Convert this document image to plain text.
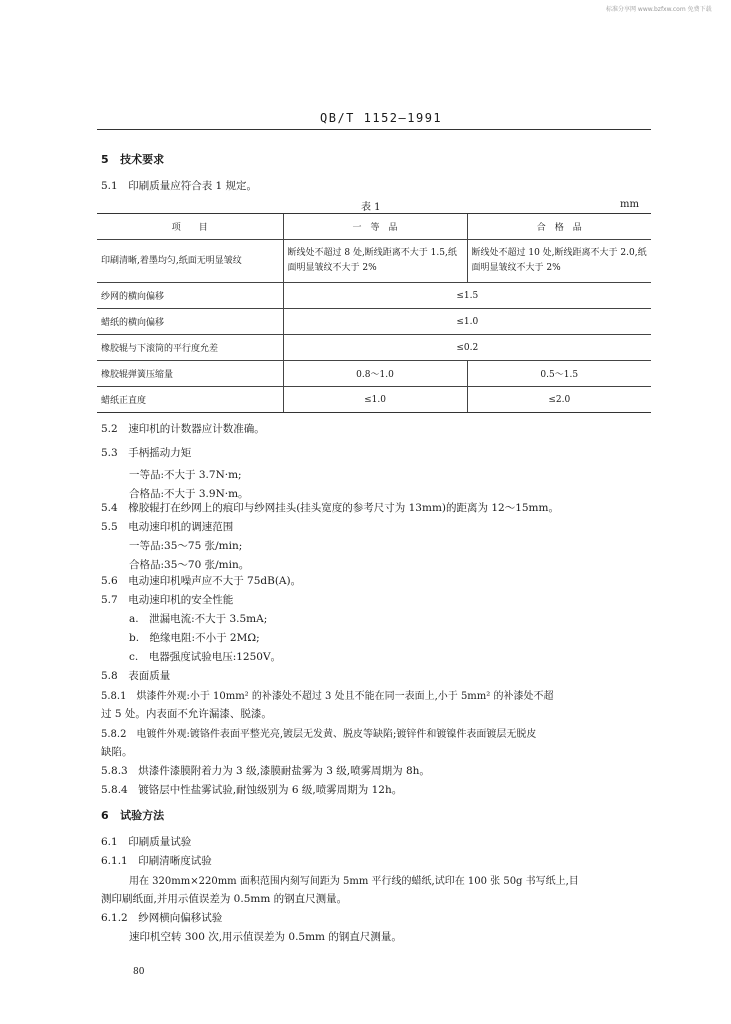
标准分享网 www.bzfxw.com 免费下载
QB/T 1152—1991
5 技术要求
5.1　印刷质量应符合表 1 规定。
表 1	mm
项　　目	一　等　品	合　格　品
印刷清晰,着墨均匀,纸面无明显皱纹	断线处不超过 8 处,断线距离不大于 1.5,纸面明显皱纹不大于 2%	断线处不超过 10 处,断线距离不大于 2.0,纸面明显皱纹不大于 2%
纱网的横向偏移	≤1.5	
蜡纸的横向偏移	≤1.0	
橡胶辊与下滚筒的平行度允差	≤0.2	
橡胶辊弹簧压缩量	0.8～1.0	0.5～1.5
蜡纸正直度	≤1.0	≤2.0
5.2　速印机的计数器应计数准确。
5.3　手柄摇动力矩
一等品:不大于 3.7N·m;
合格品:不大于 3.9N·m。
5.4　橡胶辊打在纱网上的痕印与纱网挂头(挂头宽度的参考尺寸为 13mm)的距离为 12～15mm。
5.5　电动速印机的调速范围
一等品:35～75 张/min;
合格品:35～70 张/min。
5.6　电动速印机噪声应不大于 75dB(A)。
5.7　电动速印机的安全性能
a.　泄漏电流:不大于 3.5mA;
b.　绝缘电阻:不小于 2MΩ;
c.　电器强度试验电压:1250V。
5.8　表面质量
5.8.1　烘漆件外观:小于 10mm² 的补漆处不超过 3 处且不能在同一表面上,小于 5mm² 的补漆处不超
过 5 处。内表面不允许漏漆、脱漆。
5.8.2　电镀件外观:镀铬件表面平整光亮,镀层无发黄、脱皮等缺陷;镀锌件和镀镍件表面镀层无脱皮
缺陷。
5.8.3　烘漆件漆膜附着力为 3 级,漆膜耐盐雾为 3 级,喷雾周期为 8h。
5.8.4　镀铬层中性盐雾试验,耐蚀级别为 6 级,喷雾周期为 12h。
6 试验方法
6.1　印刷质量试验
6.1.1　印刷清晰度试验
用在 320mm×220mm 面积范围内刻写间距为 5mm 平行线的蜡纸,试印在 100 张 50g 书写纸上,目
测印刷纸面,并用示值误差为 0.5mm 的钢直尺测量。
6.1.2　纱网横向偏移试验
速印机空转 300 次,用示值误差为 0.5mm 的钢直尺测量。
80
